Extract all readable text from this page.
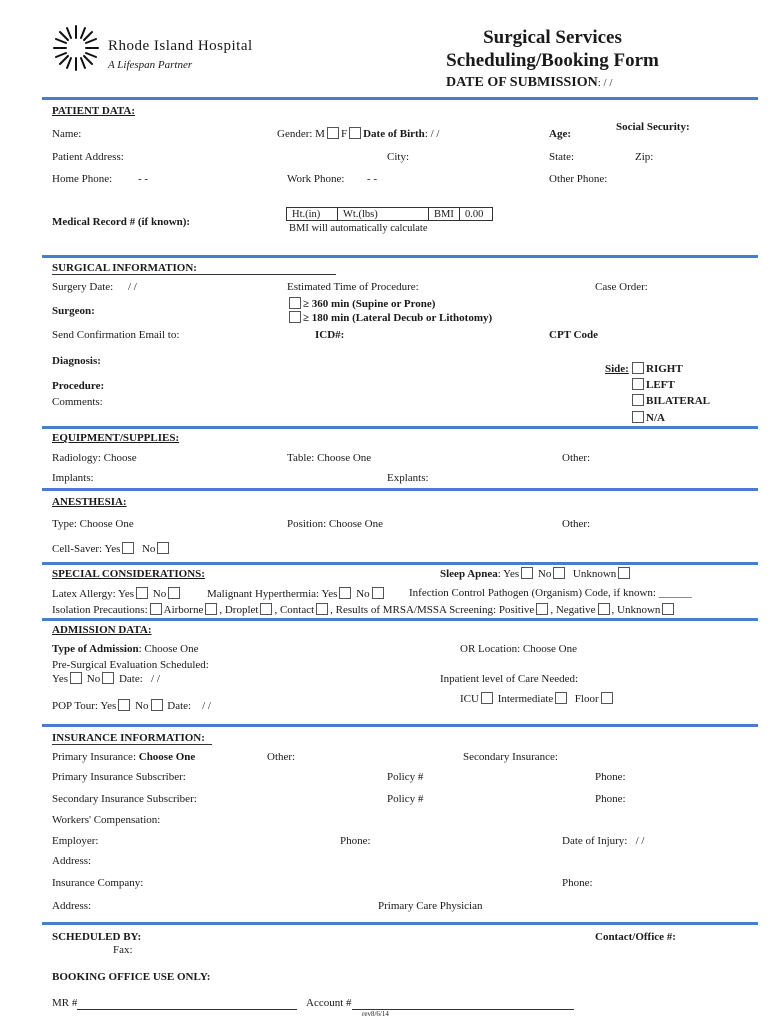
Rhode Island Hospital
A Lifespan Partner
Surgical Services
Scheduling/Booking Form
DATE OF SUBMISSION: / /
PATIENT DATA:
Name:	Gender: M F Date of Birth: / /	Age:
Social Security:
Patient Address:	City:	State:	Zip:
Home Phone: - -	Work Phone: - -	Other Phone:
Medical Record # (if known):
Ht.(in)	Wt.(lbs)	BMI	0.00
BMI will automatically calculate
SURGICAL INFORMATION:
Surgery Date: / /	Estimated Time of Procedure:	Case Order:
Surgeon:
≥ 360 min (Supine or Prone)
≥ 180 min (Lateral Decub or Lithotomy)
Send Confirmation Email to:	ICD#:	CPT Code
Diagnosis:
Side:	RIGHT
LEFT
BILATERAL
N/A
Procedure:
Comments:
EQUIPMENT/SUPPLIES:
Radiology: Choose	Table: Choose One	Other:
Implants:	Explants:
ANESTHESIA:
Type: Choose One	Position: Choose One	Other:
Cell-Saver: Yes No
SPECIAL CONSIDERATIONS:	Sleep Apnea: Yes No Unknown
Latex Allergy: Yes No	Malignant Hyperthermia: Yes No	Infection Control Pathogen (Organism) Code, if known: ______
Isolation Precautions: Airborne , Droplet , Contact , Results of MRSA/MSSA Screening: Positive , Negative , Unknown
ADMISSION DATA:
Type of Admission: Choose One	OR Location: Choose One
Pre-Surgical Evaluation Scheduled:
Yes No Date: / /	Inpatient level of Care Needed:
ICU Intermediate Floor
POP Tour: Yes No Date: / /
INSURANCE INFORMATION:
Primary Insurance: Choose One	Other:	Secondary Insurance:
Primary Insurance Subscriber:	Policy #	Phone:
Secondary Insurance Subscriber:	Policy #	Phone:
Workers' Compensation:
Employer:	Phone:	Date of Injury: / /
Address:
Insurance Company:	Phone:
Address:	Primary Care Physician
SCHEDULED BY:
Fax:
Contact/Office #:
BOOKING OFFICE USE ONLY:
MR #	Account #
rev8/6/14
